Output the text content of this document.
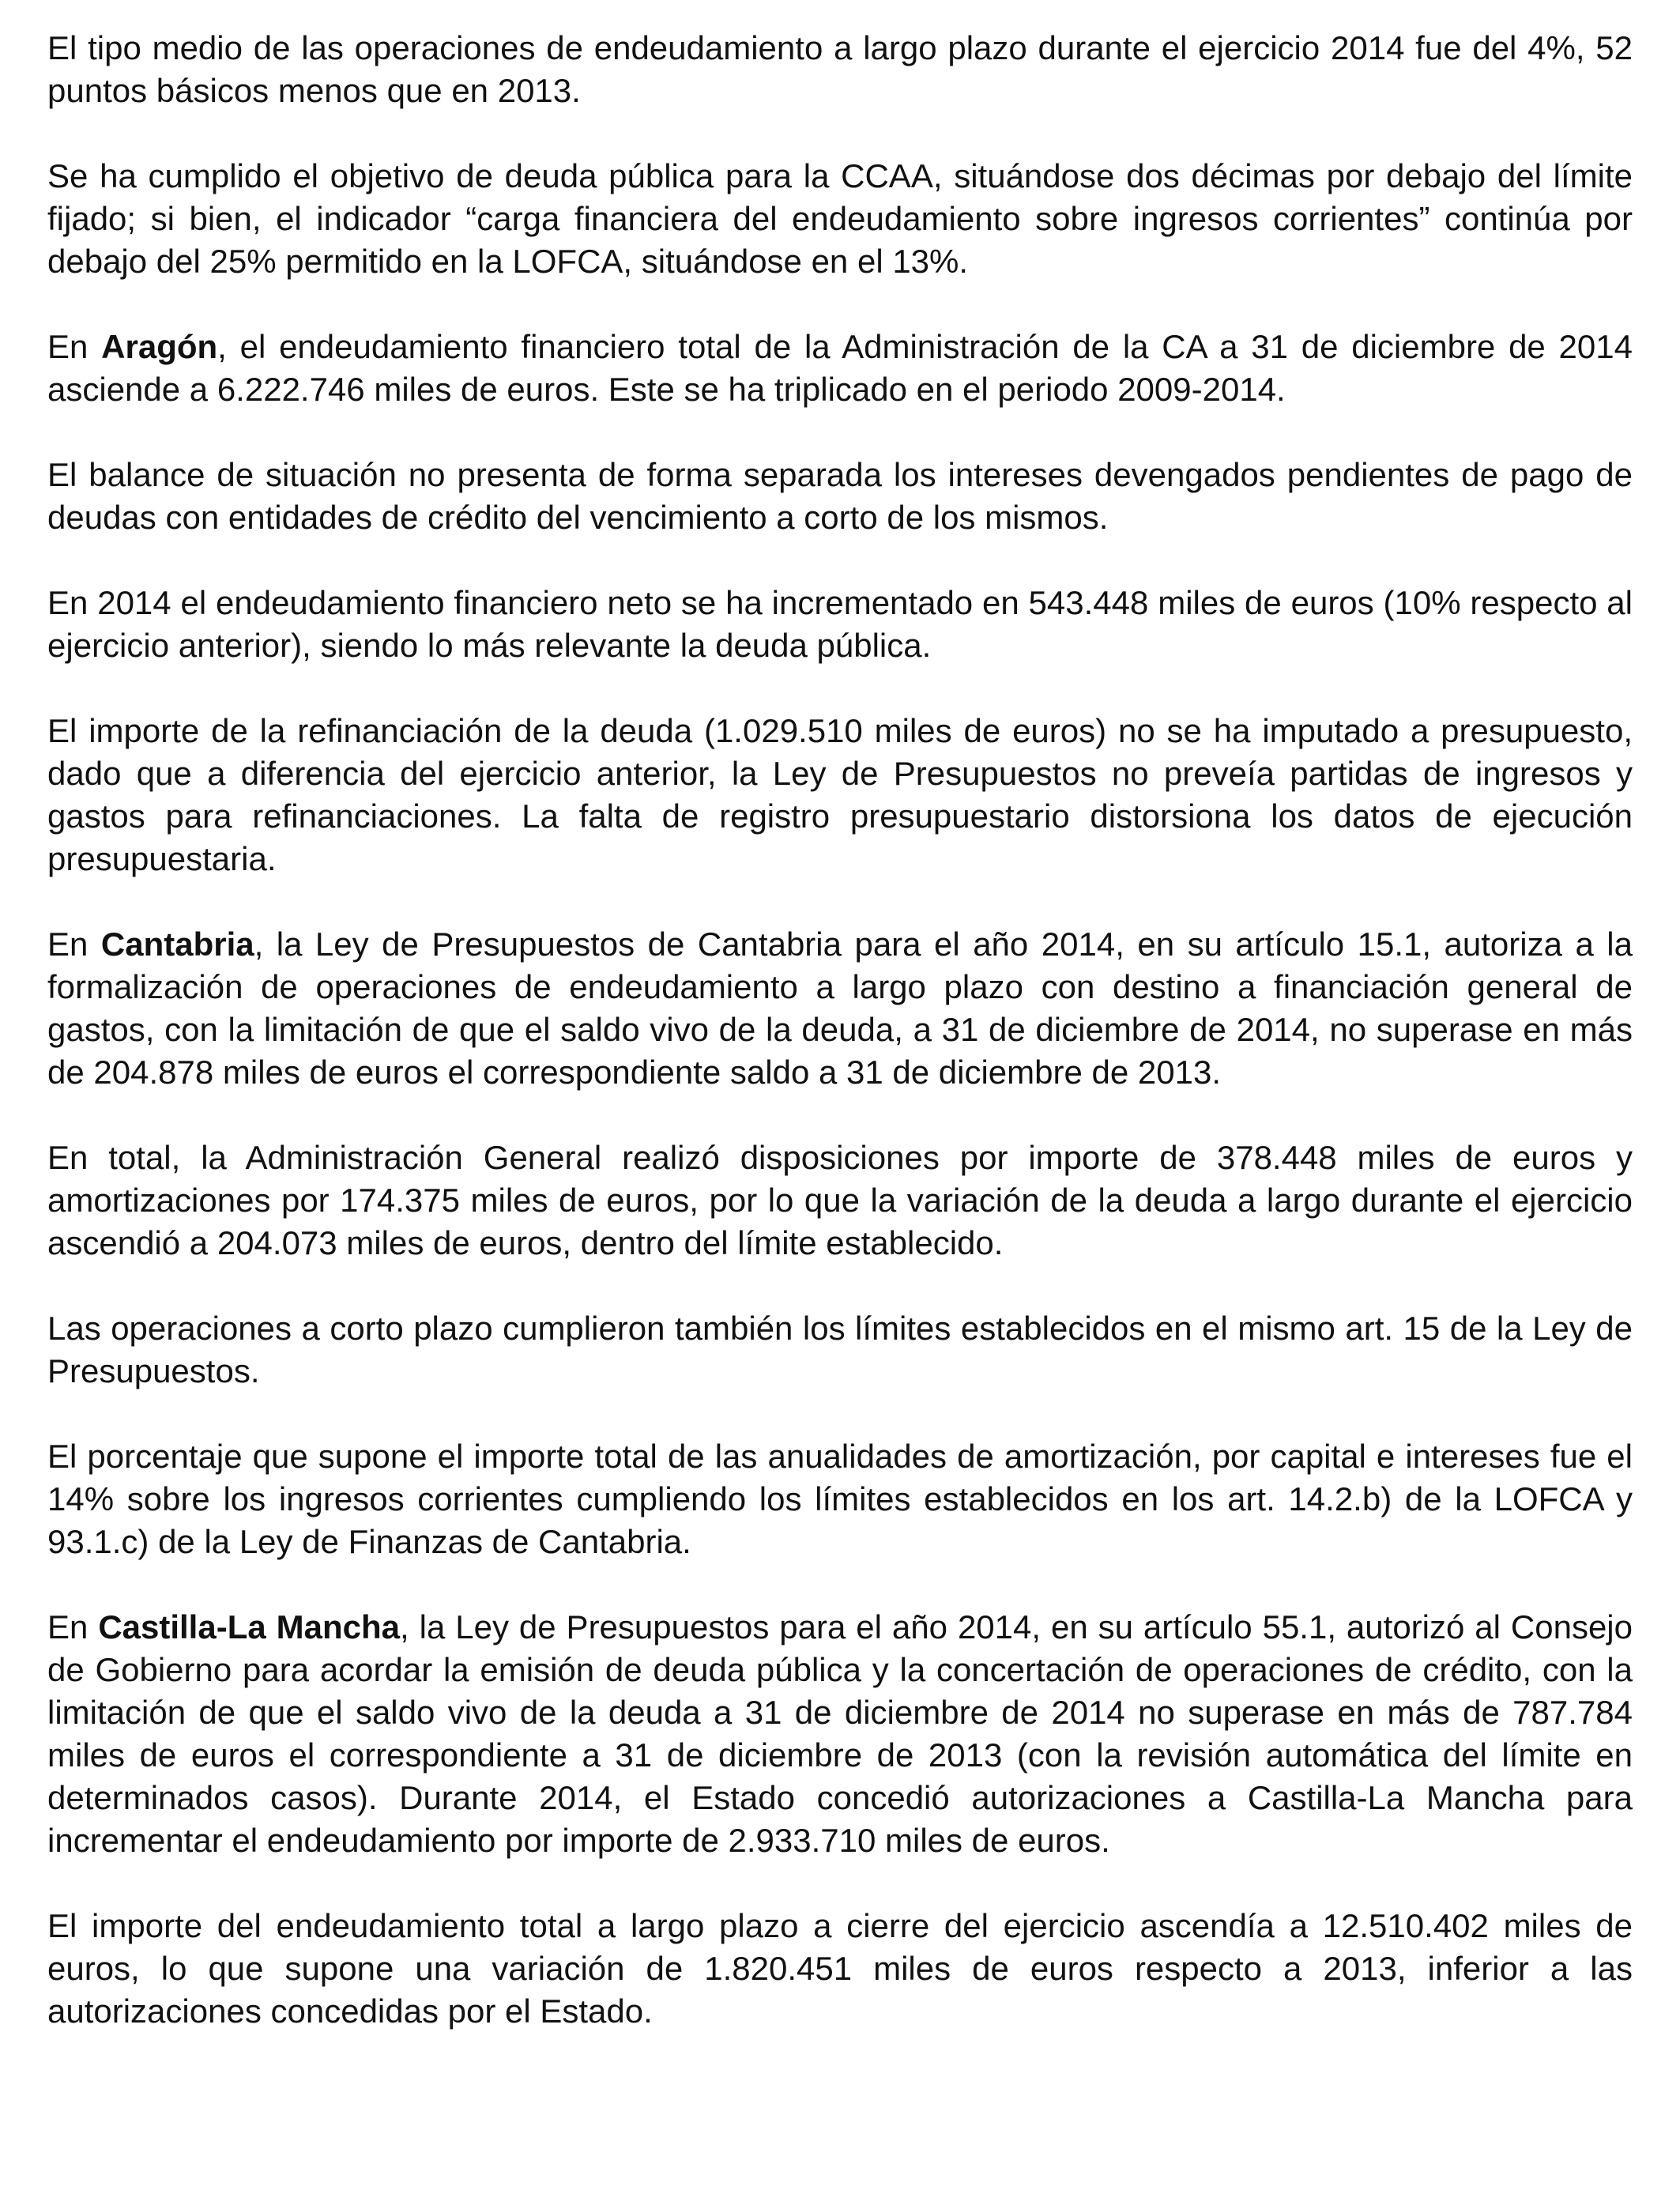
El tipo medio de las operaciones de endeudamiento a largo plazo durante el ejercicio 2014 fue del 4%, 52 puntos básicos menos que en 2013.

Se ha cumplido el objetivo de deuda pública para la CCAA, situándose dos décimas por debajo del límite fijado; si bien, el indicador “carga financiera del endeudamiento sobre ingresos corrientes” continúa por debajo del 25% permitido en la LOFCA, situándose en el 13%.

En Aragón, el endeudamiento financiero total de la Administración de la CA a 31 de diciembre de 2014 asciende a 6.222.746 miles de euros. Este se ha triplicado en el periodo 2009-2014.

El balance de situación no presenta de forma separada los intereses devengados pendientes de pago de deudas con entidades de crédito del vencimiento a corto de los mismos.

En 2014 el endeudamiento financiero neto se ha incrementado en 543.448 miles de euros (10% respecto al ejercicio anterior), siendo lo más relevante la deuda pública.

El importe de la refinanciación de la deuda (1.029.510 miles de euros) no se ha imputado a presupuesto, dado que a diferencia del ejercicio anterior, la Ley de Presupuestos no preveía partidas de ingresos y gastos para refinanciaciones. La falta de registro presupuestario distorsiona los datos de ejecución presupuestaria.

En Cantabria, la Ley de Presupuestos de Cantabria para el año 2014, en su artículo 15.1, autoriza a la formalización de operaciones de endeudamiento a largo plazo con destino a financiación general de gastos, con la limitación de que el saldo vivo de la deuda, a 31 de diciembre de 2014, no superase en más de 204.878 miles de euros el correspondiente saldo a 31 de diciembre de 2013.

En total, la Administración General realizó disposiciones por importe de 378.448 miles de euros y amortizaciones por 174.375 miles de euros, por lo que la variación de la deuda a largo durante el ejercicio ascendió a 204.073 miles de euros, dentro del límite establecido.

Las operaciones a corto plazo cumplieron también los límites establecidos en el mismo art. 15 de la Ley de Presupuestos.

El porcentaje que supone el importe total de las anualidades de amortización, por capital e intereses fue el 14% sobre los ingresos corrientes cumpliendo los límites establecidos en los art. 14.2.b) de la LOFCA y 93.1.c) de la Ley de Finanzas de Cantabria.

En Castilla-La Mancha, la Ley de Presupuestos para el año 2014, en su artículo 55.1, autorizó al Consejo de Gobierno para acordar la emisión de deuda pública y la concertación de operaciones de crédito, con la limitación de que el saldo vivo de la deuda a 31 de diciembre de 2014 no superase en más de 787.784 miles de euros el correspondiente a 31 de diciembre de 2013 (con la revisión automática del límite en determinados casos). Durante 2014, el Estado concedió autorizaciones a Castilla-La Mancha para incrementar el endeudamiento por importe de 2.933.710 miles de euros.

El importe del endeudamiento total a largo plazo a cierre del ejercicio ascendía a 12.510.402 miles de euros, lo que supone una variación de 1.820.451 miles de euros respecto a 2013, inferior a las autorizaciones concedidas por el Estado.
